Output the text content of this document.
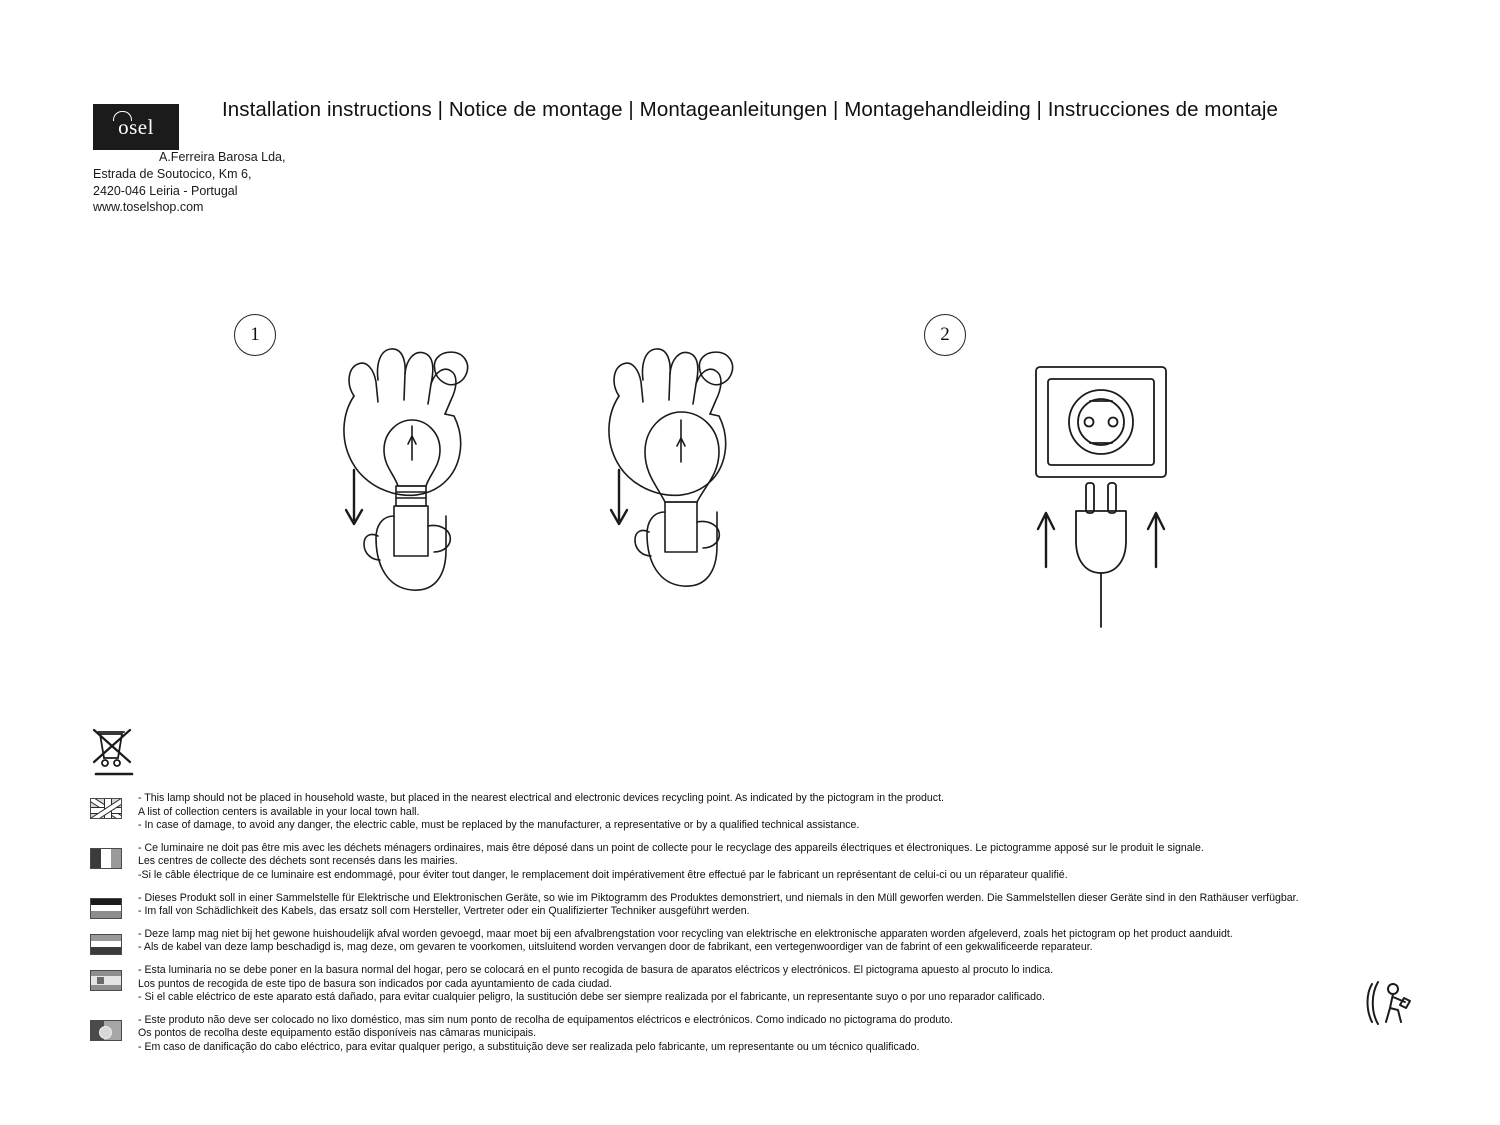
Installation instructions | Notice de montage | Montageanleitungen | Montagehandleiding | Instrucciones de montaje
osel
A.Ferreira Barosa Lda,
Estrada de Soutocico, Km 6,
2420-046 Leiria - Portugal
www.toselshop.com
1	2
- This lamp should not be placed in household waste, but placed in the nearest electrical and electronic devices recycling point. As indicated by the pictogram in the product.
A list of collection centers is available in your local town hall.
- In case of damage, to avoid any danger, the electric cable, must be replaced by the manufacturer, a representative or by a qualified technical assistance.
- Ce luminaire ne doit pas être mis avec les déchets ménagers ordinaires, mais être déposé dans un point de collecte pour le recyclage des appareils électriques et électroniques. Le pictogramme apposé sur le produit le signale.
Les centres de collecte des déchets sont recensés dans les mairies.
-Si le câble électrique de ce luminaire est endommagé, pour éviter tout danger, le remplacement doit impérativement être effectué par le fabricant un représentant de celui-ci ou un réparateur qualifié.
- Dieses Produkt soll in einer Sammelstelle für Elektrische und Elektronischen Geräte, so wie im Piktogramm des Produktes demonstriert, und niemals in den Müll geworfen werden. Die Sammelstellen dieser Geräte sind in den Rathäuser verfügbar.
- Im fall von Schädlichkeit des Kabels, das ersatz soll com Hersteller, Vertreter oder ein Qualifizierter Techniker ausgeführt werden.
- Deze lamp mag niet bij het gewone huishoudelijk afval worden gevoegd, maar moet bij een afvalbrengstation voor recycling van elektrische en elektronische apparaten worden afgeleverd, zoals het pictogram op het product aanduidt.
- Als de kabel van deze lamp beschadigd is, mag deze, om gevaren te voorkomen, uitsluitend worden vervangen door de fabrikant, een vertegenwoordiger van de fabrint of een gekwalificeerde reparateur.
- Esta luminaria no se debe poner en la basura normal del hogar, pero se colocará en el punto recogida de basura de aparatos eléctricos y electrónicos. El pictograma apuesto al procuto lo indica.
Los puntos de recogida de este tipo de basura son indicados por cada ayuntamiento de cada ciudad.
- Si el cable eléctrico de este aparato está dañado, para evitar cualquier peligro, la sustitución debe ser siempre realizada por el fabricante, un representante suyo o por uno reparador calificado.
- Este produto não deve ser colocado no lixo doméstico, mas sim num ponto de recolha de equipamentos eléctricos e electrónicos. Como indicado no pictograma do produto.
Os pontos de recolha deste equipamento estão disponíveis nas câmaras municipais.
- Em caso de danificação do cabo eléctrico, para evitar qualquer perigo, a substituição deve ser realizada pelo fabricante, um representante ou um técnico qualificado.
